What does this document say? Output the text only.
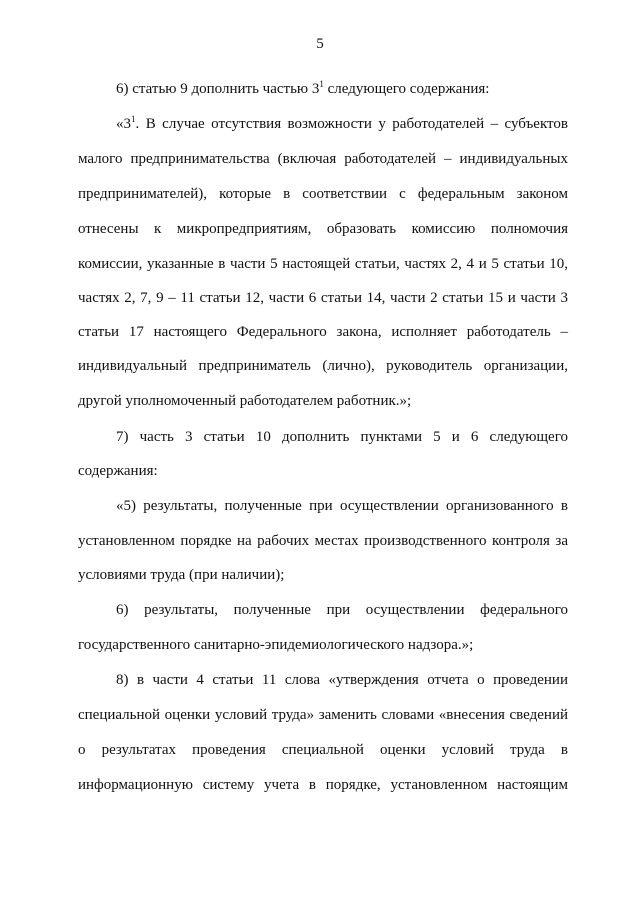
5
6) статью 9 дополнить частью $3^1$ следующего содержания:
«$3^1$. В случае отсутствия возможности у работодателей – субъектов
малого предпринимательства (включая работодателей – индивидуальных
предпринимателей), которые в соответствии с федеральным законом
отнесены к микропредприятиям, образовать комиссию полномочия
комиссии, указанные в части 5 настоящей статьи, частях 2, 4 и 5 статьи 10,
частях 2, 7, 9 – 11 статьи 12, части 6 статьи 14, части 2 статьи 15 и части 3
статьи 17 настоящего Федерального закона, исполняет работодатель –
индивидуальный предприниматель (лично), руководитель организации,
другой уполномоченный работодателем работник.»;
7) часть 3 статьи 10 дополнить пунктами 5 и 6 следующего
содержания:
«5) результаты, полученные при осуществлении организованного в
установленном порядке на рабочих местах производственного контроля за
условиями труда (при наличии);
6) результаты, полученные при осуществлении федерального
государственного санитарно-эпидемиологического надзора.»;
8) в части 4 статьи 11 слова «утверждения отчета о проведении
специальной оценки условий труда» заменить словами «внесения сведений
о результатах проведения специальной оценки условий труда в
информационную систему учета в порядке, установленном настоящим
